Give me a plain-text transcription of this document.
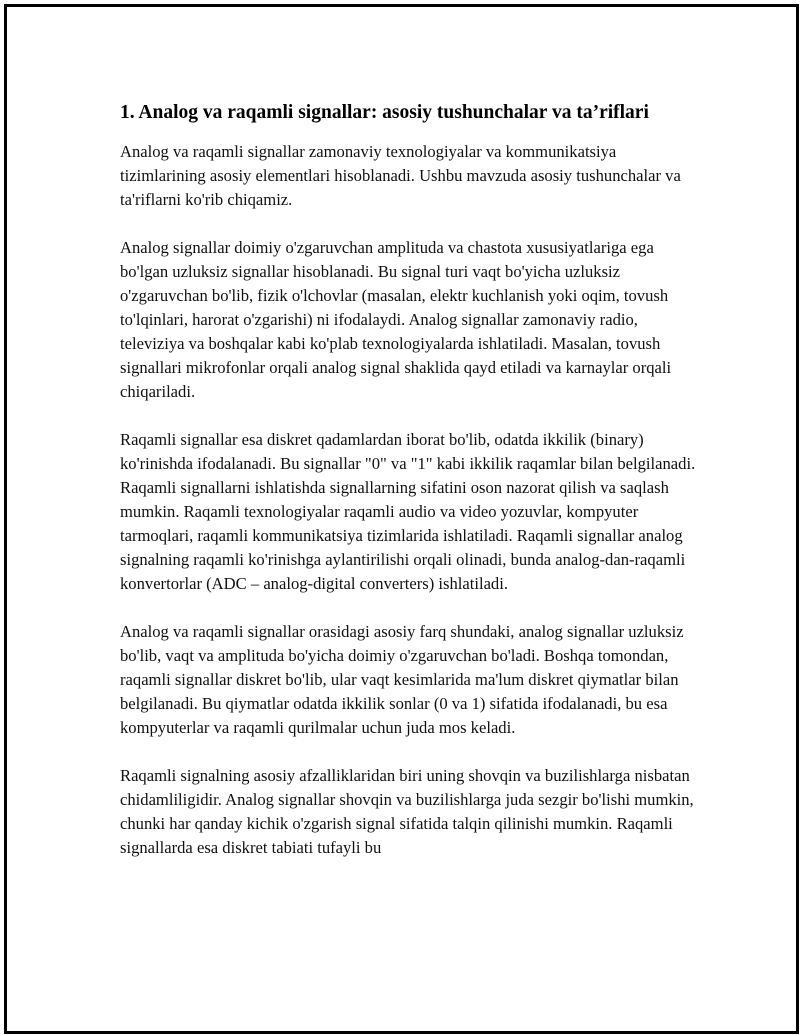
1. Analog va raqamli signallar: asosiy tushunchalar va ta’riflari

Analog va raqamli signallar zamonaviy texnologiyalar va kommunikatsiya tizimlarining asosiy elementlari hisoblanadi. Ushbu mavzuda asosiy tushunchalar va ta'riflarni ko'rib chiqamiz.

Analog signallar doimiy o'zgaruvchan amplituda va chastota xususiyatlariga ega bo'lgan uzluksiz signallar hisoblanadi. Bu signal turi vaqt bo'yicha uzluksiz o'zgaruvchan bo'lib, fizik o'lchovlar (masalan, elektr kuchlanish yoki oqim, tovush to'lqinlari, harorat o'zgarishi) ni ifodalaydi. Analog signallar zamonaviy radio, televiziya va boshqalar kabi ko'plab texnologiyalarda ishlatiladi. Masalan, tovush signallari mikrofonlar orqali analog signal shaklida qayd etiladi va karnaylar orqali chiqariladi.

Raqamli signallar esa diskret qadamlardan iborat bo'lib, odatda ikkilik (binary) ko'rinishda ifodalanadi. Bu signallar "0" va "1" kabi ikkilik raqamlar bilan belgilanadi. Raqamli signallarni ishlatishda signallarning sifatini oson nazorat qilish va saqlash mumkin. Raqamli texnologiyalar raqamli audio va video yozuvlar, kompyuter tarmoqlari, raqamli kommunikatsiya tizimlarida ishlatiladi. Raqamli signallar analog signalning raqamli ko'rinishga aylantirilishi orqali olinadi, bunda analog-dan-raqamli konvertorlar (ADC – analog-digital converters) ishlatiladi.

Analog va raqamli signallar orasidagi asosiy farq shundaki, analog signallar uzluksiz bo'lib, vaqt va amplituda bo'yicha doimiy o'zgaruvchan bo'ladi. Boshqa tomondan, raqamli signallar diskret bo'lib, ular vaqt kesimlarida ma'lum diskret qiymatlar bilan belgilanadi. Bu qiymatlar odatda ikkilik sonlar (0 va 1) sifatida ifodalanadi, bu esa kompyuterlar va raqamli qurilmalar uchun juda mos keladi.

Raqamli signalning asosiy afzalliklaridan biri uning shovqin va buzilishlarga nisbatan chidamliligidir. Analog signallar shovqin va buzilishlarga juda sezgir bo'lishi mumkin, chunki har qanday kichik o'zgarish signal sifatida talqin qilinishi mumkin. Raqamli signallarda esa diskret tabiati tufayli bu
